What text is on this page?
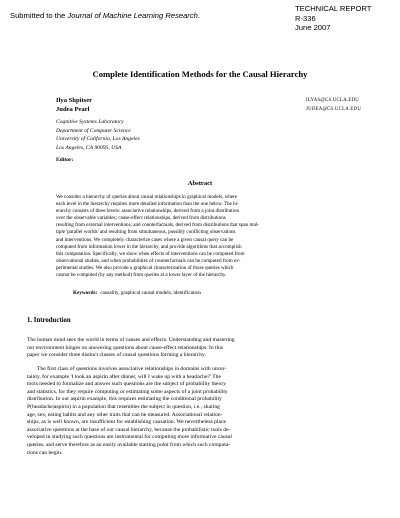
Submitted to the Journal of Machine Learning Research.
TECHNICAL REPORT
R-336
June 2007
Complete Identification Methods for the Causal Hierarchy
Ilya Shpitser	ILYAS@CS.UCLA.EDU
Judea Pearl	JUDEA@CS.UCLA.EDU
Cognitive Systems Laboratory
Department of Computer Science
University of California, Los Angeles
Los Angeles, CA 90095, USA
Editor:
Abstract
We consider a hierarchy of queries about causal relationships in graphical models, where
each level in the hierarchy requires more detailed information than the one below. The hi-
erarchy consists of three levels: associative relationships, derived from a joint distribution
over the observable variables; cause-effect relationships, derived from distributions
resulting from external interventions; and counterfactuals, derived from distributions that span mul-
tiple 'parallel worlds' and resulting from simultaneous, possibly conflicting observations
and interventions. We completely characterize cases where a given causal query can be
computed from information lower in the hierarchy, and provide algorithms that accomplish
this computation. Specifically, we show when effects of interventions can be computed from
observational studies, and when probabilities of counterfactuals can be computed from ex-
perimental studies. We also provide a graphical characterization of those queries which
cannot be computed (by any method) from queries at a lower layer of the hierarchy.
Keywords: causality, graphical causal models, identification
1. Introduction
The human mind sees the world in terms of causes and effects. Understanding and mastering
our environment hinges on answering questions about cause-effect relationships. In this
paper we consider three distinct classes of causal questions forming a hierarchy.
The first class of questions involves associative relationships in domains with uncer-
tainty, for example 'I took an aspirin after dinner, will I wake up with a headache?' The
tools needed to formalize and answer such questions are the subject of probability theory
and statistics, for they require computing or estimating some aspects of a joint probability
distribution. In our aspirin example, this requires estimating the conditional probability
P(headache|aspirin) in a population that resembles the subject in question, i.e., sharing
age, sex, eating habits and any other traits that can be measured. Associational relation-
ships, as is well known, are insufficient for establishing causation. We nevertheless place
associative questions at the base of our causal hierarchy, because the probabilistic tools de-
veloped in studying such questions are instrumental for computing more informative causal
queries, and serve therefore as an easily available starting point from which such computa-
tions can begin.
